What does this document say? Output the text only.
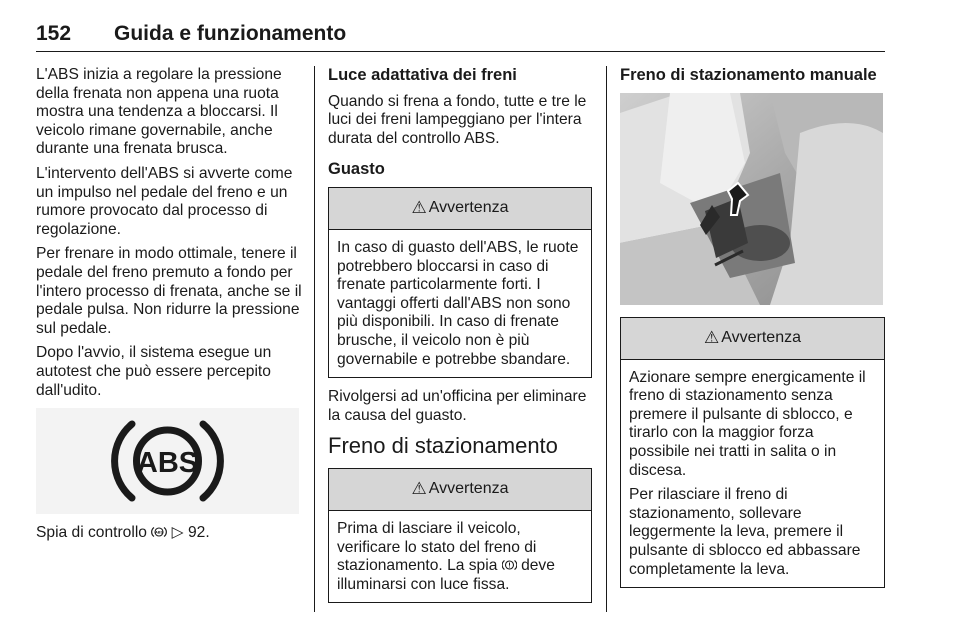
152 Guida e funzionamento

L'ABS inizia a regolare la pressione della frenata non appena una ruota mostra una tendenza a bloccarsi. Il veicolo rimane governabile, anche durante una frenata brusca.

L'intervento dell'ABS si avverte come un impulso nel pedale del freno e un rumore provocato dal processo di regolazione.

Per frenare in modo ottimale, tenere il pedale del freno premuto a fondo per l'intero processo di frenata, anche se il pedale pulsa. Non ridurre la pressione sul pedale.

Dopo l'avvio, il sistema esegue un autotest che può essere percepito dall'udito.

ABS

Spia di controllo ABS ▷ 92.

Luce adattativa dei freni

Quando si frena a fondo, tutte e tre le luci dei freni lampeggiano per l'intera durata del controllo ABS.

Guasto
⚠ Avvertenza

In caso di guasto dell'ABS, le ruote potrebbero bloccarsi in caso di frenate particolarmente forti. I vantaggi offerti dall'ABS non sono più disponibili. In caso di frenate brusche, il veicolo non è più governabile e potrebbe sbandare.

Rivolgersi ad un'officina per eliminare la causa del guasto.

Freno di stazionamento
⚠ Avvertenza

Prima di lasciare il veicolo, verificare lo stato del freno di stazionamento. La spia deve illuminarsi con luce fissa.

Freno di stazionamento manuale
⚠ Avvertenza

Azionare sempre energicamente il freno di stazionamento senza premere il pulsante di sblocco, e tirarlo con la maggior forza possibile nei tratti in salita o in discesa.

Per rilasciare il freno di stazionamento, sollevare leggermente la leva, premere il pulsante di sblocco ed abbassare completamente la leva.
